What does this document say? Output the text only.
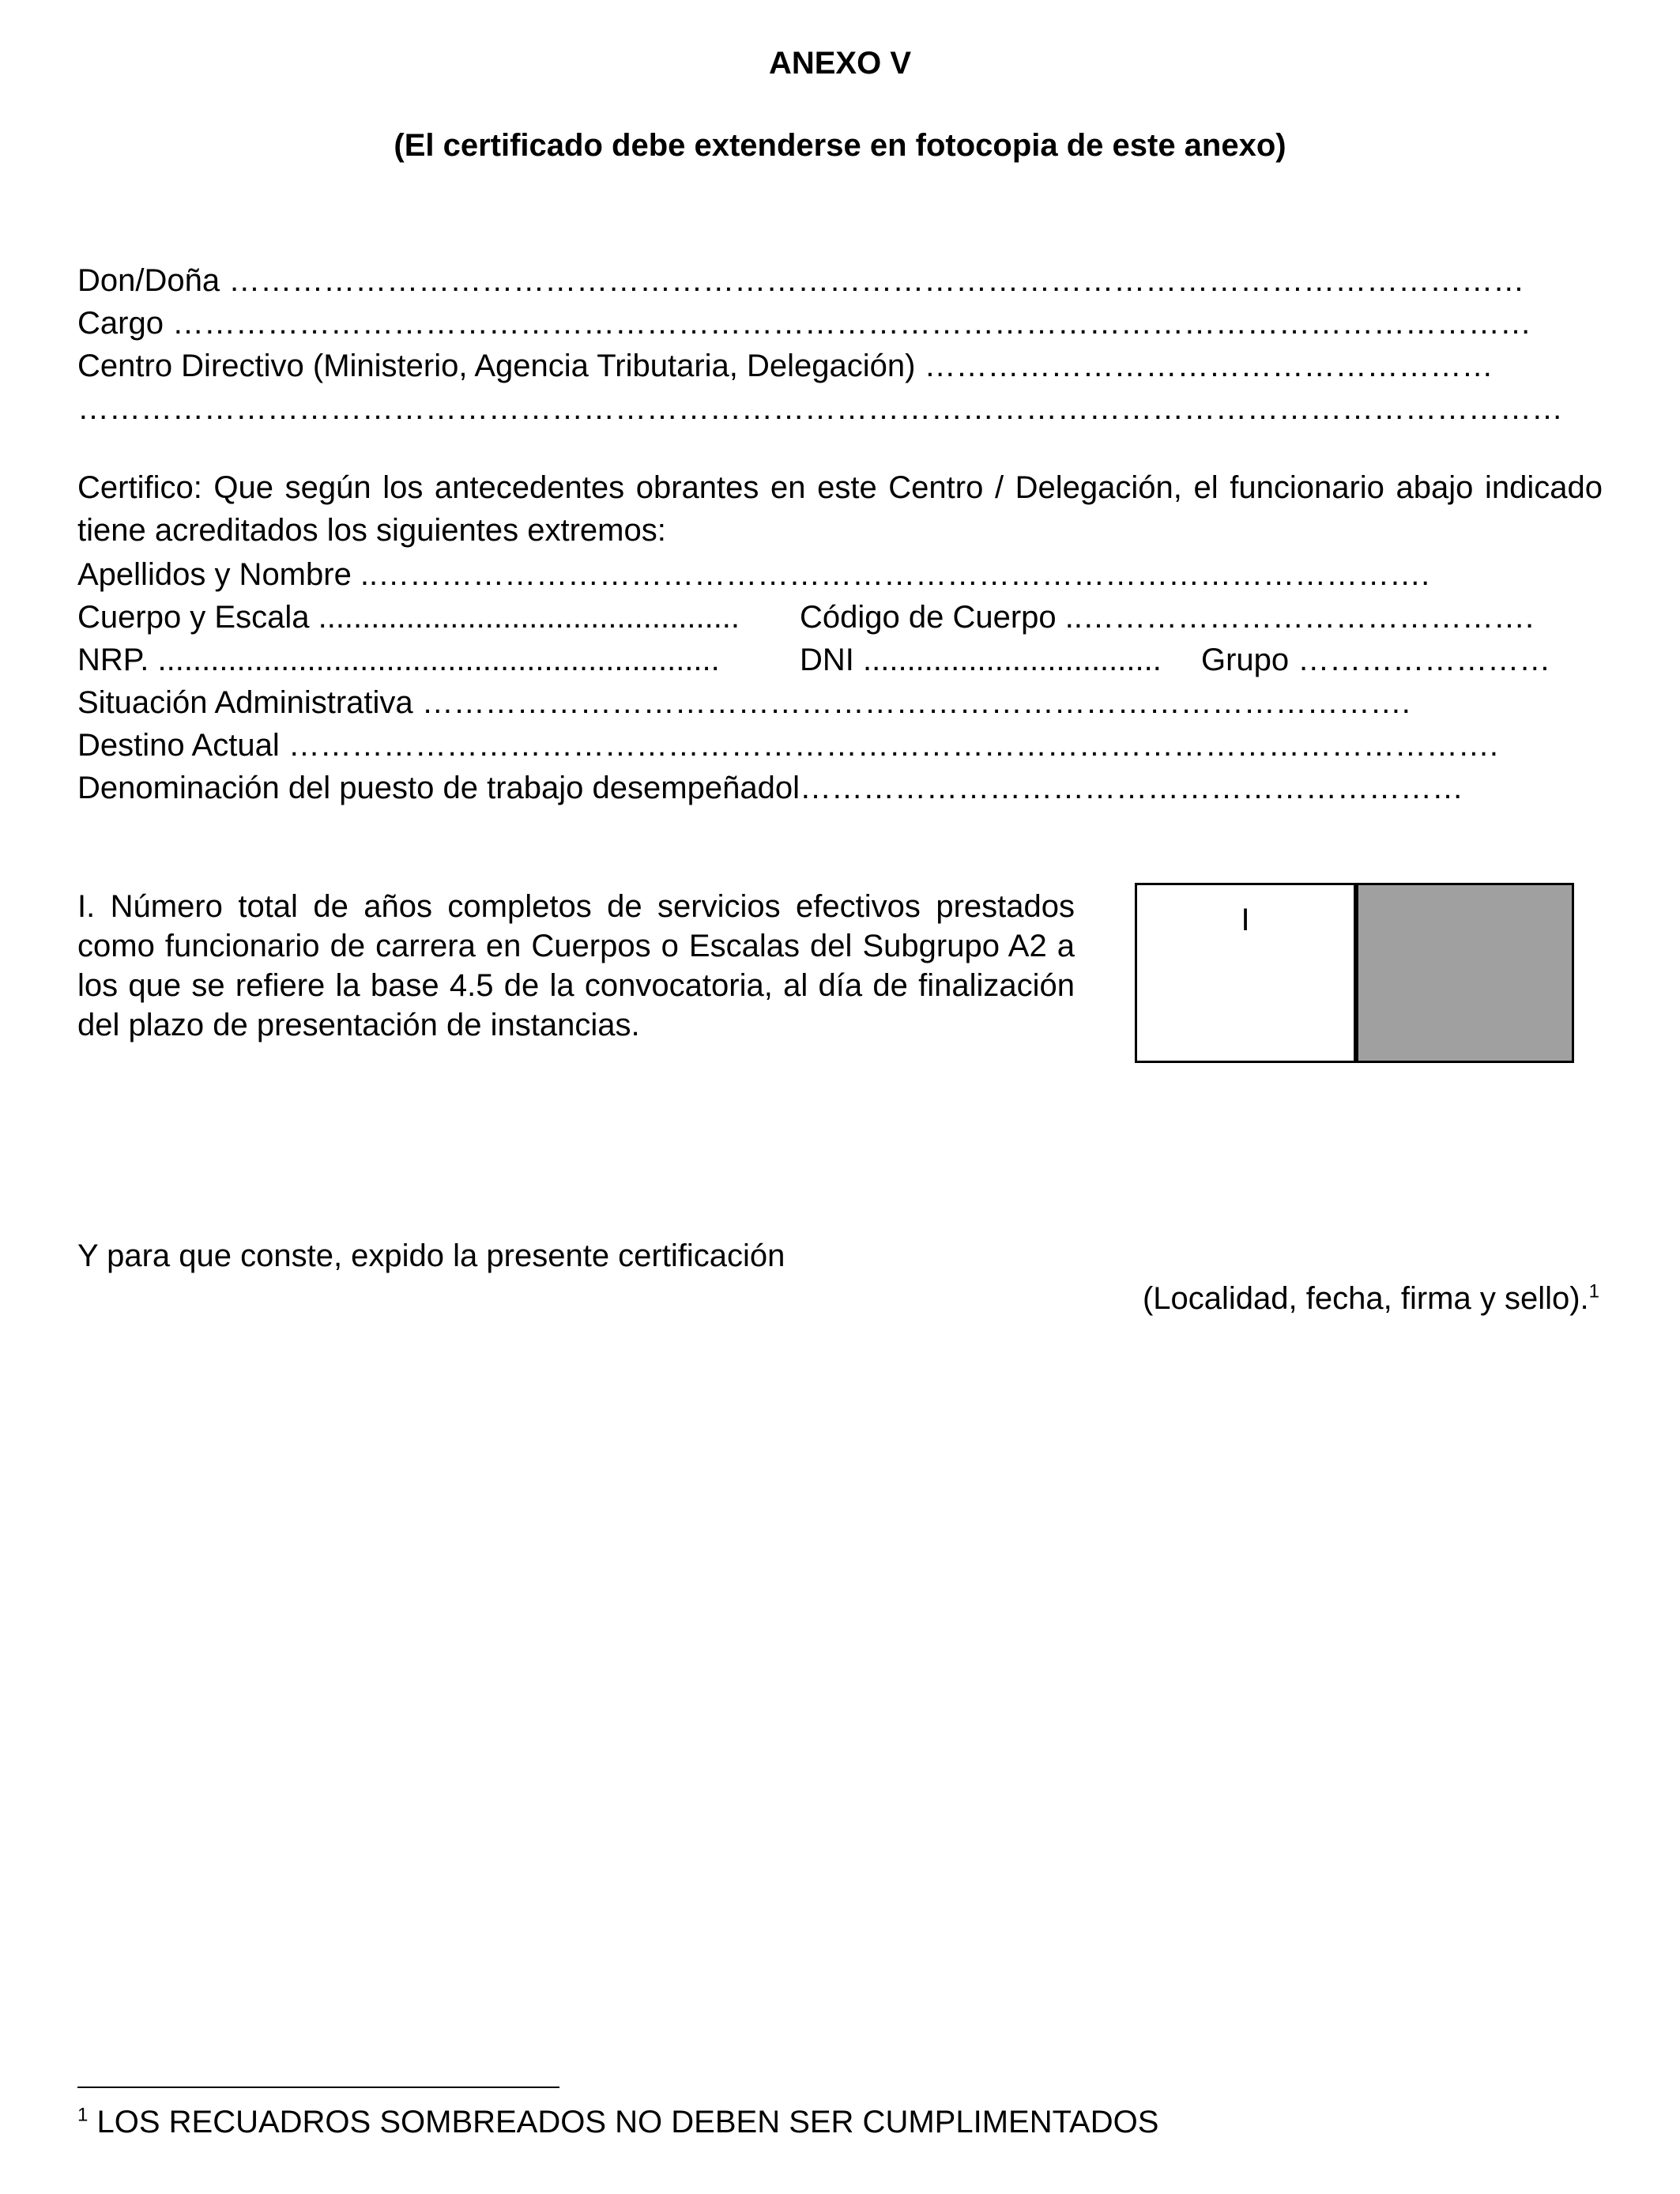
ANEXO V
(El certificado debe extenderse en fotocopia de este anexo)
Don/Doña ……………………………………………………………………………………………………………
Cargo …………………………………………………………………………………………………………………
Centro Directivo (Ministerio, Agencia Tributaria, Delegación) ………………………………………………
……………………………………………………………………………………………………………………………
Certifico: Que según los antecedentes obrantes en este Centro / Delegación, el funcionario abajo indicado tiene acreditados los siguientes extremos:
Apellidos y Nombre ..……………………………………………………………………………………….
Cuerpo y Escala ................................................ Código de Cuerpo ..…………………………………….
NRP. ................................................................	DNI .................................. Grupo ……………………
Situación Administrativa ………………………………………………………………………………….
Destino Actual …………………………………………………………………………………………………….
Denominación del puesto de trabajo desempeñadol………………………………………………………
I. Número total de años completos de servicios efectivos prestados como funcionario de carrera en Cuerpos o Escalas del Subgrupo A2 a los que se refiere la base 4.5 de la convocatoria, al día de finalización del plazo de presentación de instancias.
I
Y para que conste, expido la presente certificación
(Localidad, fecha, firma y sello).$^1$
$^1$ LOS RECUADROS SOMBREADOS NO DEBEN SER CUMPLIMENTADOS
